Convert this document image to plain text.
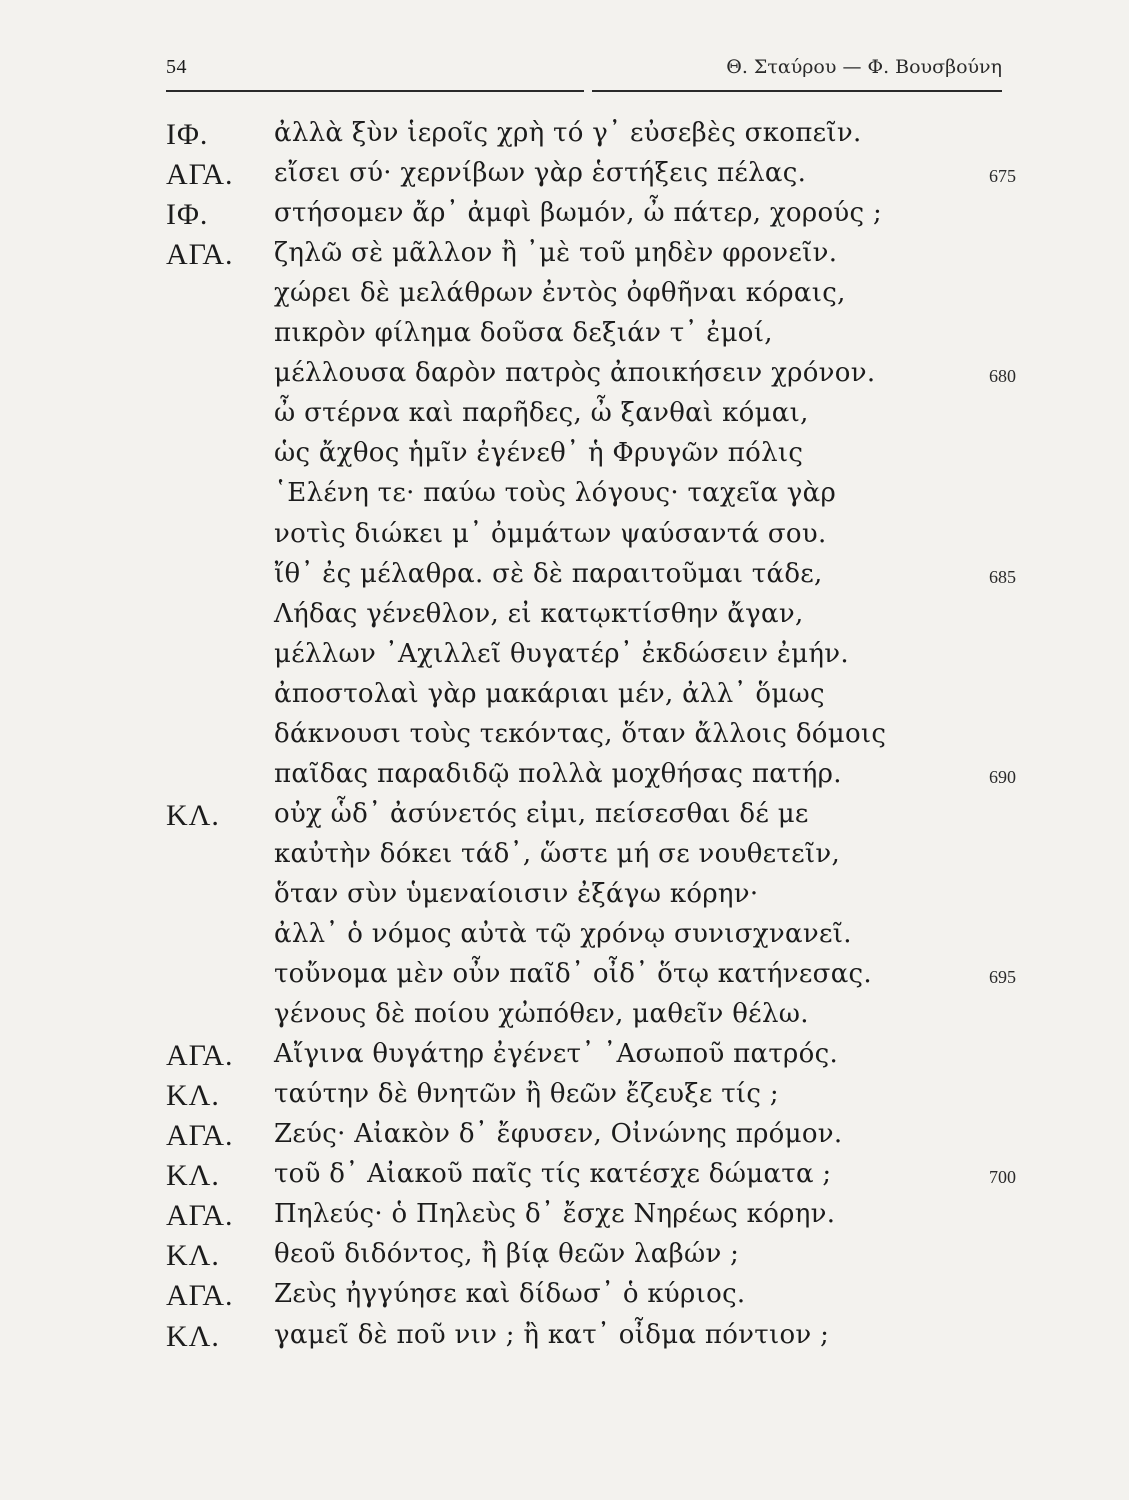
54	Θ. Σταύρου — Φ. Βουσβούνη
ΙΦ.	ἀλλὰ ξὺν ἱεροῖς χρὴ τό γ᾽ εὐσεβὲς σκοπεῖν.
ΑΓΑ. εἴσει σύ· χερνίβων γὰρ ἑστήξεις πέλας.	675
ΙΦ.	στήσομεν ἄρ᾽ ἀμφὶ βωμόν, ὦ πάτερ, χορούς ;
ΑΓΑ. ζηλῶ σὲ μᾶλλον ἢ ᾽μὲ τοῦ μηδὲν φρονεῖν.
χώρει δὲ μελάθρων ἐντὸς ὀφθῆναι κόραις,
πικρὸν φίλημα δοῦσα δεξιάν τ᾽ ἐμοί,
μέλλουσα δαρὸν πατρὸς ἀποικήσειν χρόνον.	680
ὦ στέρνα καὶ παρῆδες, ὦ ξανθαὶ κόμαι,
ὡς ἄχθος ἡμῖν ἐγένεθ᾽ ἡ Φρυγῶν πόλις
῾Ελένη τε· παύω τοὺς λόγους· ταχεῖα γὰρ
νοτὶς διώκει μ᾽ ὀμμάτων ψαύσαντά σου.
ἴθ᾽ ἐς μέλαθρα. σὲ δὲ παραιτοῦμαι τάδε,	685
Λήδας γένεθλον, εἰ κατῳκτίσθην ἄγαν,
μέλλων ᾽Αχιλλεῖ θυγατέρ᾽ ἐκδώσειν ἐμήν.
ἀποστολαὶ γὰρ μακάριαι μέν, ἀλλ᾽ ὅμως
δάκνουσι τοὺς τεκόντας, ὅταν ἄλλοις δόμοις
παῖδας παραδιδῷ πολλὰ μοχθήσας πατήρ.	690
ΚΛ. οὐχ ὧδ᾽ ἀσύνετός εἰμι, πείσεσθαι δέ με
καὐτὴν δόκει τάδ᾽, ὥστε μή σε νουθετεῖν,
ὅταν σὺν ὑμεναίοισιν ἐξάγω κόρην·
ἀλλ᾽ ὁ νόμος αὐτὰ τῷ χρόνῳ συνισχνανεῖ.
τοὔνομα μὲν οὖν παῖδ᾽ οἶδ᾽ ὅτῳ κατήνεσας.	695
γένους δὲ ποίου χὠπόθεν, μαθεῖν θέλω.
ΑΓΑ. Αἴγινα θυγάτηρ ἐγένετ᾽ ᾽Ασωποῦ πατρός.
ΚΛ. ταύτην δὲ θνητῶν ἢ θεῶν ἔζευξε τίς ;
ΑΓΑ. Ζεύς· Αἰακὸν δ᾽ ἔφυσεν, Οἰνώνης πρόμον.
ΚΛ. τοῦ δ᾽ Αἰακοῦ παῖς τίς κατέσχε δώματα ;	700
ΑΓΑ. Πηλεύς· ὁ Πηλεὺς δ᾽ ἔσχε Νηρέως κόρην.
ΚΛ. θεοῦ διδόντος, ἢ βίᾳ θεῶν λαβών ;
ΑΓΑ. Ζεὺς ἠγγύησε καὶ δίδωσ᾽ ὁ κύριος.
ΚΛ. γαμεῖ δὲ ποῦ νιν ; ἢ κατ᾽ οἶδμα πόντιον ;
